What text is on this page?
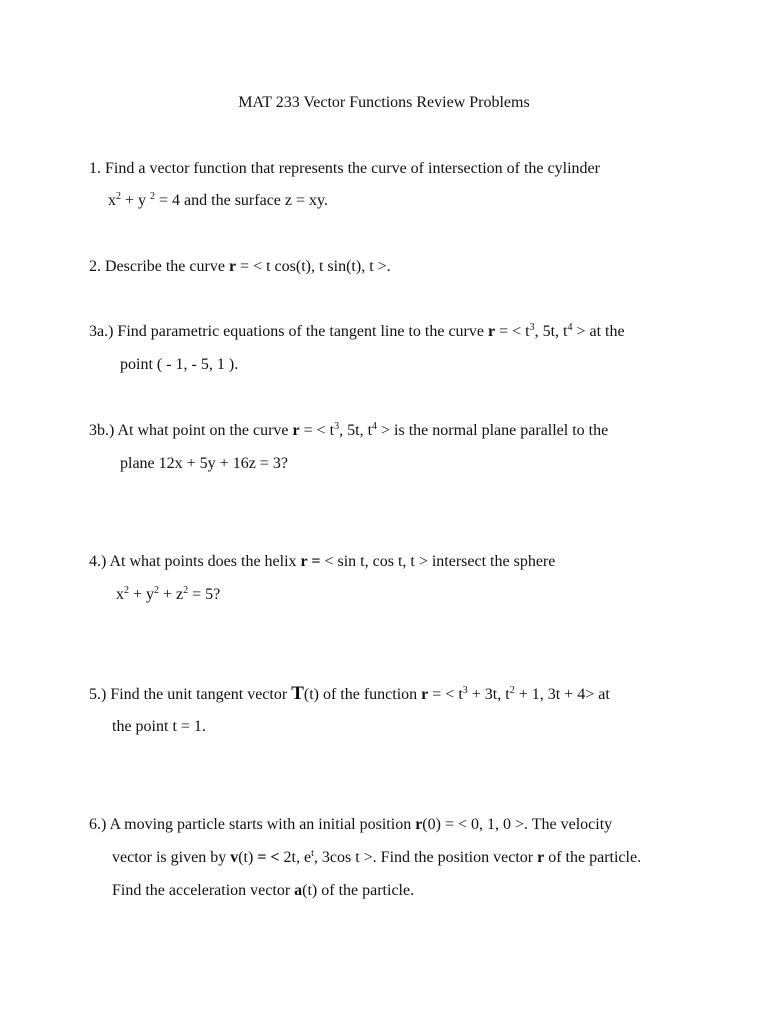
MAT 233 Vector Functions Review Problems
1. Find a vector function that represents the curve of intersection of the cylinder
$x^2 + y$ $^2$ = 4 and the surface z = xy.
2. Describe the curve r = < t cos(t), t sin(t), t >.
3a.) Find parametric equations of the tangent line to the curve r = < $t^3$, 5t, $t^4$ > at the
point ( - 1, - 5, 1 ).
3b.) At what point on the curve r = < $t^3$, 5t, $t^4$ > is the normal plane parallel to the
plane 12x + 5y + 16z = 3?
4.) At what points does the helix r = < sin t, cos t, t > intersect the sphere
$x^2 + y^2 + z^2 = 5$?
5.) Find the unit tangent vector T(t) of the function r = < $t^3 + 3t$, $t^2 + 1$, 3t + 4> at
the point t = 1.
6.) A moving particle starts with an initial position r(0) = < 0, 1, 0 >. The velocity
vector is given by v(t) = < 2t, $e^t$, 3cos t >. Find the position vector r of the particle.
Find the acceleration vector a(t) of the particle.
